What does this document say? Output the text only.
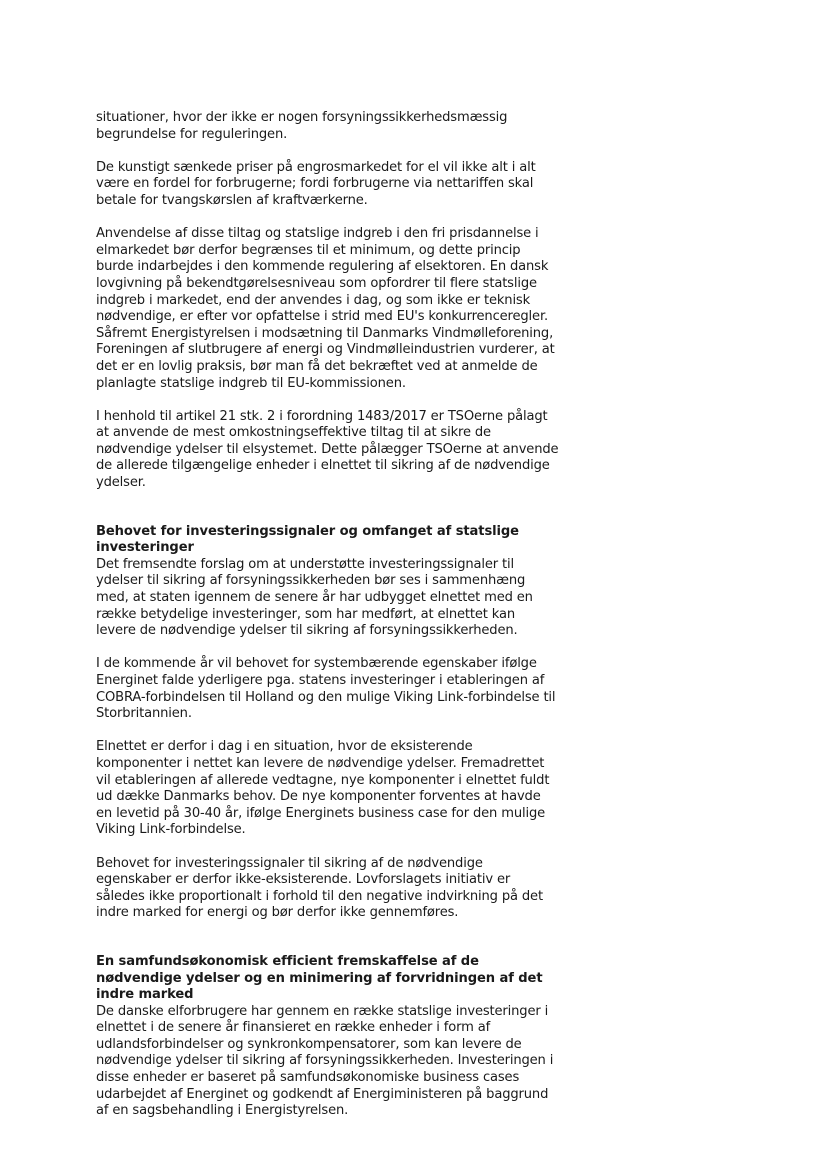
situationer, hvor der ikke er nogen forsyningssikkerhedsmæssig
begrundelse for reguleringen.

De kunstigt sænkede priser på engrosmarkedet for el vil ikke alt i alt
være en fordel for forbrugerne; fordi forbrugerne via nettariffen skal
betale for tvangskørslen af kraftværkerne.

Anvendelse af disse tiltag og statslige indgreb i den fri prisdannelse i
elmarkedet bør derfor begrænses til et minimum, og dette princip
burde indarbejdes i den kommende regulering af elsektoren. En dansk
lovgivning på bekendtgørelsesniveau som opfordrer til flere statslige
indgreb i markedet, end der anvendes i dag, og som ikke er teknisk
nødvendige, er efter vor opfattelse i strid med EU's konkurrenceregler.
Såfremt Energistyrelsen i modsætning til Danmarks Vindmølleforening,
Foreningen af slutbrugere af energi og Vindmølleindustrien vurderer, at
det er en lovlig praksis, bør man få det bekræftet ved at anmelde de
planlagte statslige indgreb til EU-kommissionen.

I henhold til artikel 21 stk. 2 i forordning 1483/2017 er TSOerne pålagt
at anvende de mest omkostningseffektive tiltag til at sikre de
nødvendige ydelser til elsystemet. Dette pålægger TSOerne at anvende
de allerede tilgængelige enheder i elnettet til sikring af de nødvendige
ydelser.

Behovet for investeringssignaler og omfanget af statslige
investeringer

Det fremsendte forslag om at understøtte investeringssignaler til
ydelser til sikring af forsyningssikkerheden bør ses i sammenhæng
med, at staten igennem de senere år har udbygget elnettet med en
række betydelige investeringer, som har medført, at elnettet kan
levere de nødvendige ydelser til sikring af forsyningssikkerheden.

I de kommende år vil behovet for systembærende egenskaber ifølge
Energinet falde yderligere pga. statens investeringer i etableringen af
COBRA-forbindelsen til Holland og den mulige Viking Link-forbindelse til
Storbritannien.

Elnettet er derfor i dag i en situation, hvor de eksisterende
komponenter i nettet kan levere de nødvendige ydelser. Fremadrettet
vil etableringen af allerede vedtagne, nye komponenter i elnettet fuldt
ud dække Danmarks behov. De nye komponenter forventes at havde
en levetid på 30-40 år, ifølge Energinets business case for den mulige
Viking Link-forbindelse.

Behovet for investeringssignaler til sikring af de nødvendige
egenskaber er derfor ikke-eksisterende. Lovforslagets initiativ er
således ikke proportionalt i forhold til den negative indvirkning på det
indre marked for energi og bør derfor ikke gennemføres.

En samfundsøkonomisk efficient fremskaffelse af de
nødvendige ydelser og en minimering af forvridningen af det
indre marked

De danske elforbrugere har gennem en række statslige investeringer i
elnettet i de senere år finansieret en række enheder i form af
udlandsforbindelser og synkronkompensatorer, som kan levere de
nødvendige ydelser til sikring af forsyningssikkerheden. Investeringen i
disse enheder er baseret på samfundsøkonomiske business cases
udarbejdet af Energinet og godkendt af Energiministeren på baggrund
af en sagsbehandling i Energistyrelsen.
